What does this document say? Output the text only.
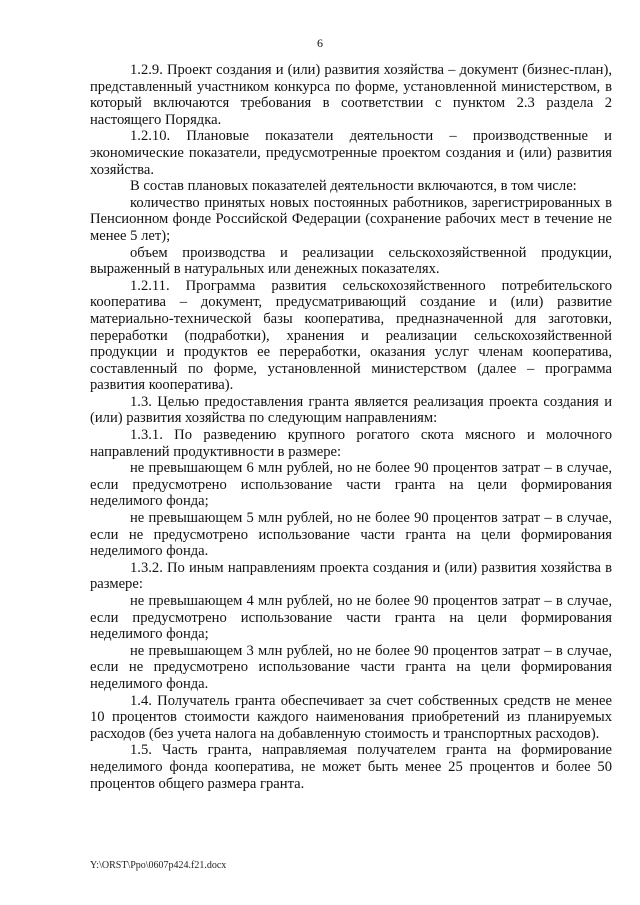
6

1.2.9. Проект создания и (или) развития хозяйства – документ (бизнес-план), представленный участником конкурса по форме, установленной министерством, в который включаются требования в соответствии с пунктом 2.3 раздела 2 настоящего Порядка.

1.2.10. Плановые показатели деятельности – производственные и экономические показатели, предусмотренные проектом создания и (или) развития хозяйства.

В состав плановых показателей деятельности включаются, в том числе:

количество принятых новых постоянных работников, зарегистрированных в Пенсионном фонде Российской Федерации (сохранение рабочих мест в течение не менее 5 лет);

объем производства и реализации сельскохозяйственной продукции, выраженный в натуральных или денежных показателях.

1.2.11. Программа развития сельскохозяйственного потребительского кооператива – документ, предусматривающий создание и (или) развитие материально-технической базы кооператива, предназначенной для заготовки, переработки (подработки), хранения и реализации сельскохозяйственной продукции и продуктов ее переработки, оказания услуг членам кооператива, составленный по форме, установленной министерством (далее – программа развития кооператива).

1.3. Целью предоставления гранта является реализация проекта создания и (или) развития хозяйства по следующим направлениям:

1.3.1. По разведению крупного рогатого скота мясного и молочного направлений продуктивности в размере:

не превышающем 6 млн рублей, но не более 90 процентов затрат – в случае, если предусмотрено использование части гранта на цели формирования неделимого фонда;

не превышающем 5 млн рублей, но не более 90 процентов затрат – в случае, если не предусмотрено использование части гранта на цели формирования неделимого фонда.

1.3.2. По иным направлениям проекта создания и (или) развития хозяйства в размере:

не превышающем 4 млн рублей, но не более 90 процентов затрат – в случае, если предусмотрено использование части гранта на цели формирования неделимого фонда;

не превышающем 3 млн рублей, но не более 90 процентов затрат – в случае, если не предусмотрено использование части гранта на цели формирования неделимого фонда.

1.4. Получатель гранта обеспечивает за счет собственных средств не менее 10 процентов стоимости каждого наименования приобретений из планируемых расходов (без учета налога на добавленную стоимость и транспортных расходов).

1.5. Часть гранта, направляемая получателем гранта на формирование неделимого фонда кооператива, не может быть менее 25 процентов и более 50 процентов общего размера гранта.

Y:\ORST\Ppo\0607p424.f21.docx
